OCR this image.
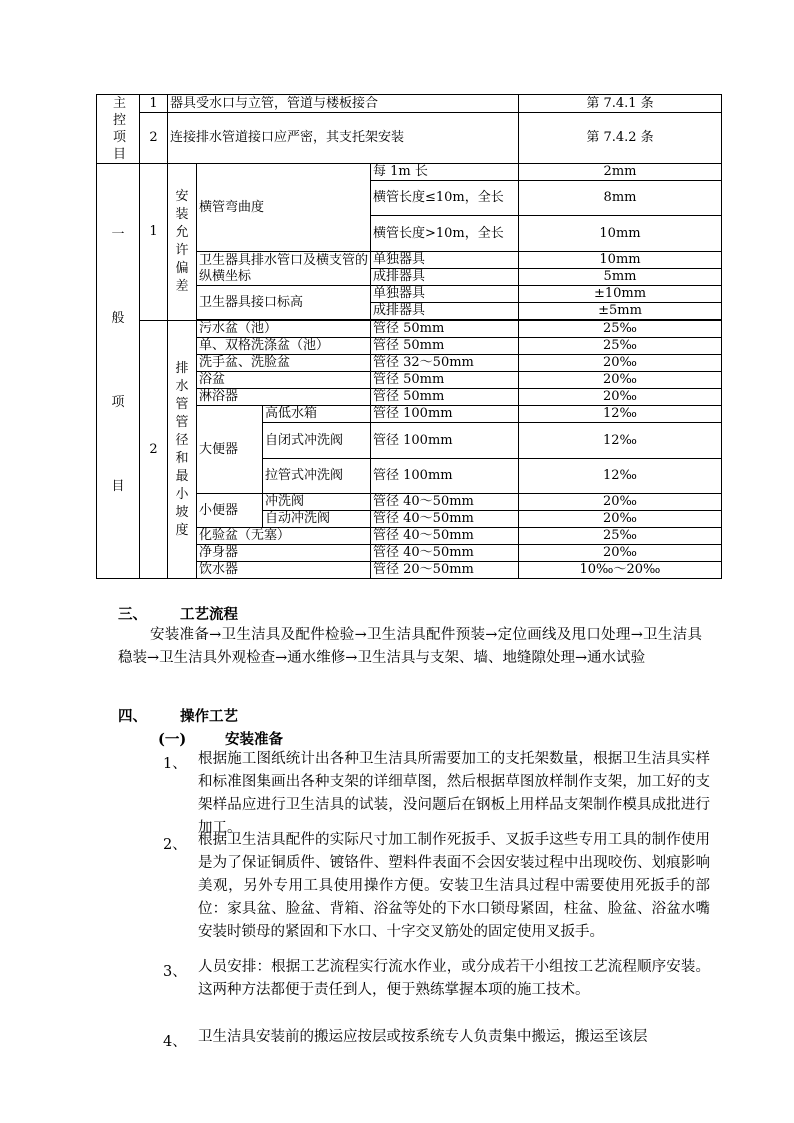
主控项目	1	器具受水口与立管，管道与楼板接合				第 7.4.1 条
	2	连接排水管道接口应严密，其支托架安装				第 7.4.2 条

一
般
项
目	1	安装允许偏差	横管弯曲度		每 1m 长	2mm
					横管长度≤10m，全长	8mm
					横管长度>10m，全长	10mm
			卫生器具排水管口及横支管的纵横坐标		单独器具	10mm
					成排器具	5mm
			卫生器具接口标高		单独器具	±10mm
					成排器具	±5mm

	2	排水管管径和最小坡度	污水盆（池）		管径 50mm	25‰
			单、双格洗涤盆（池）		管径 50mm	25‰
			洗手盆、洗脸盆		管径 32～50mm	20‰
			浴盆		管径 50mm	20‰
			淋浴器		管径 50mm	20‰
			大便器	高低水箱	管径 100mm	12‰
				自闭式冲洗阀	管径 100mm	12‰
				拉管式冲洗阀	管径 100mm	12‰
			小便器	冲洗阀	管径 40～50mm	20‰
				自动冲洗阀	管径 40～50mm	20‰
			化验盆（无塞）		管径 40～50mm	25‰
			净身器		管径 40～50mm	20‰
			饮水器		管径 20～50mm	10‰～20‰
三、 工艺流程
安装准备→卫生洁具及配件检验→卫生洁具配件预装→定位画线及甩口处理→卫生洁具稳装→卫生洁具外观检查→通水维修→卫生洁具与支架、墙、地缝隙处理→通水试验
四、 操作工艺
(一)	安装准备
1、 根据施工图纸统计出各种卫生洁具所需要加工的支托架数量，根据卫生洁具实样和标准图集画出各种支架的详细草图，然后根据草图放样制作支架，加工好的支架样品应进行卫生洁具的试装，没问题后在钢板上用样品支架制作模具成批进行加工。
2、 根据卫生洁具配件的实际尺寸加工制作死扳手、叉扳手这些专用工具的制作使用是为了保证铜质件、镀铬件、塑料件表面不会因安装过程中出现咬伤、划痕影响美观，另外专用工具使用操作方便。安装卫生洁具过程中需要使用死扳手的部位：家具盆、脸盆、背箱、浴盆等处的下水口锁母紧固，柱盆、脸盆、浴盆水嘴安装时锁母的紧固和下水口、十字交叉筋处的固定使用叉扳手。
3、 人员安排：根据工艺流程实行流水作业，或分成若干小组按工艺流程顺序安装。这两种方法都便于责任到人，便于熟练掌握本项的施工技术。
4、 卫生洁具安装前的搬运应按层或按系统专人负责集中搬运，搬运至该层
